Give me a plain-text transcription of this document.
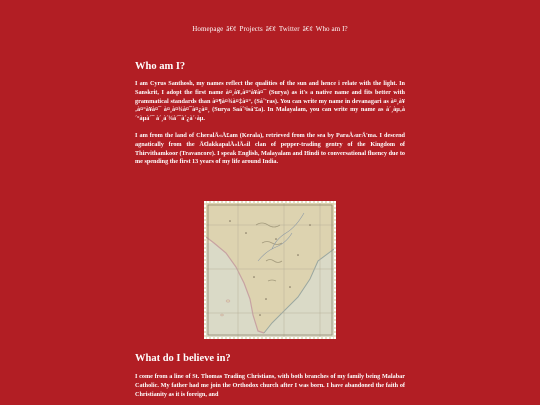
Homepage â€¢ Projects â€¢ Twitter â€¢ Who am I?
Who am I?

I am Cyrus Santhosh, my names reflect the qualities of the sun and hence i relate with the light. In Sanskrit, I adopt the first name à¤¸à¥‚à¤°à¥à¤¯ (Surya) as it's a native name and fits better with grammatical standards than à¤¶à¤¾à¤‡à¤°, (Sáˆ'ras). You can write my name in devanagari as à¤¸à¥‚à¤°à¥à¤¯ à¤¸à¤¾à¤¯à¤¿à¤¸ (Surya Saáˆ¹isá'£a). In Malayalam, you can write my name as à´¸àµ‚à´°àµà´¯ à´¸à´¾à´¯à´¿à´·àµ.

I am from the land of CheralÄ«Ä£am (Kerala), retrieved from the sea by ParaÅ›urÄ'ma. I descend agnatically from the Ä€lakkapalÄ«lÄ«il clan of pepper-trading gentry of the Kingdom of Thirvithamkoor (Travancore). I speak English, Malayalam and Hindi to conversational fluency due to me spending the first 13 years of my life around India.

What do I believe in?

I come from a line of St. Thomas Trading Christians, with both branches of my family being Malabar Catholic. My father had me join the Orthodox church after I was born. I have abandoned the faith of Christianity as it is foreign, and
